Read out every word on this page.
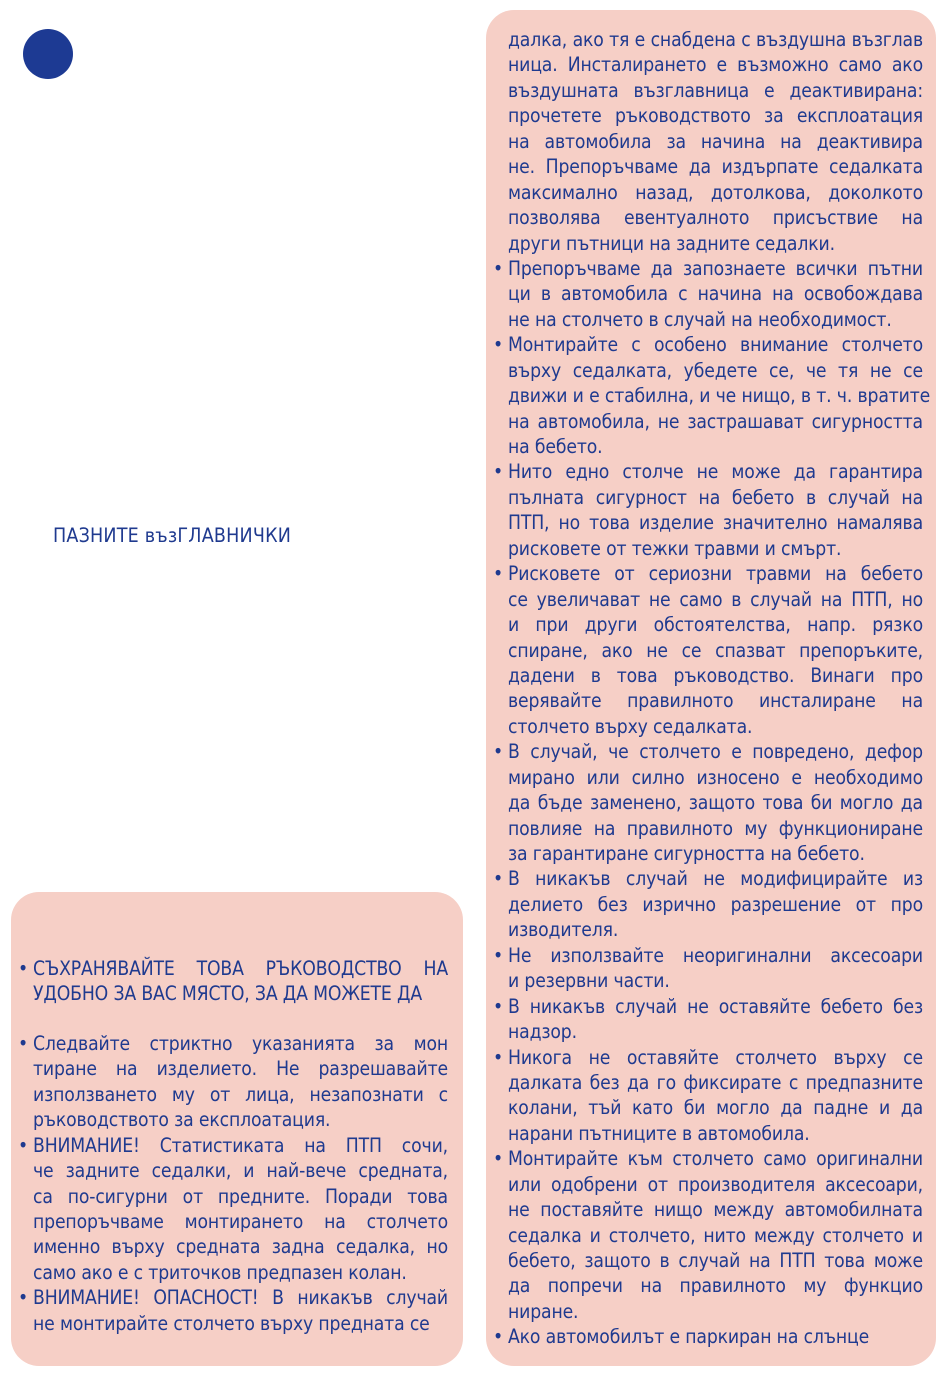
ПАЗНИТЕ възГЛАВНИЧКИ
• СЪХРАНЯВАЙТЕ ТОВА РЪКОВОДСТВО НА
УДОБНО ЗА ВАС МЯСТО, ЗА ДА МОЖЕТЕ ДА
• Следвайте стриктно указанията за мон
тиране на изделието. Не разрешавайте
използването му от лица, незапознати с
ръководството за експлоатация.
• ВНИМАНИЕ! Статистиката на ПТП сочи,
че задните седалки, и най-вече средната,
са по-сигурни от предните. Поради това
препоръчваме монтирането на столчето
именно върху средната задна седалка, но
само ако е с триточков предпазен колан.
• ВНИМАНИЕ! ОПАСНОСТ! В никакъв случай
не монтирайте столчето върху предната се
далка, ако тя е снабдена с въздушна възглав
ница. Инсталирането е възможно само ако
въздушната възглавница е деактивирана:
прочетете ръководството за експлоатация
на автомобила за начина на деактивира
не. Препоръчваме да издърпате седалката
максимално назад, дотолкова, доколкото
позволява евентуалното присъствие на
други пътници на задните седалки.
• Препоръчваме да запознаете всички пътни
ци в автомобила с начина на освобождава
не на столчето в случай на необходимост.
• Монтирайте с особено внимание столчето
върху седалката, убедете се, че тя не се
движи и е стабилна, и че нищо, в т. ч. вратите
на автомобила, не застрашават сигурността
на бебето.
• Нито едно столче не може да гарантира
пълната сигурност на бебето в случай на
ПТП, но това изделие значително намалява
рисковете от тежки травми и смърт.
• Рисковете от сериозни травми на бебето
се увеличават не само в случай на ПТП, но
и при други обстоятелства, напр. рязко
спиране, ако не се спазват препоръките,
дадени в това ръководство. Винаги про
верявайте правилното инсталиране на
столчето върху седалката.
• В случай, че столчето е повредено, дефор
мирано или силно износено е необходимо
да бъде заменено, защото това би могло да
повлияе на правилното му функциониране
за гарантиране сигурността на бебето.
• В никакъв случай не модифицирайте из
делието без изрично разрешение от про
изводителя.
• Не използвайте неоригинални аксесоари
и резервни части.
• В никакъв случай не оставяйте бебето без
надзор.
• Никога не оставяйте столчето върху се
далката без да го фиксирате с предпазните
колани, тъй като би могло да падне и да
нарани пътниците в автомобила.
• Монтирайте към столчето само оригинални
или одобрени от производителя аксесоари,
не поставяйте нищо между автомобилната
седалка и столчето, нито между столчето и
бебето, защото в случай на ПТП това може
да попречи на правилното му функцио
ниране.
• Ако автомобилът е паркиран на слънце
